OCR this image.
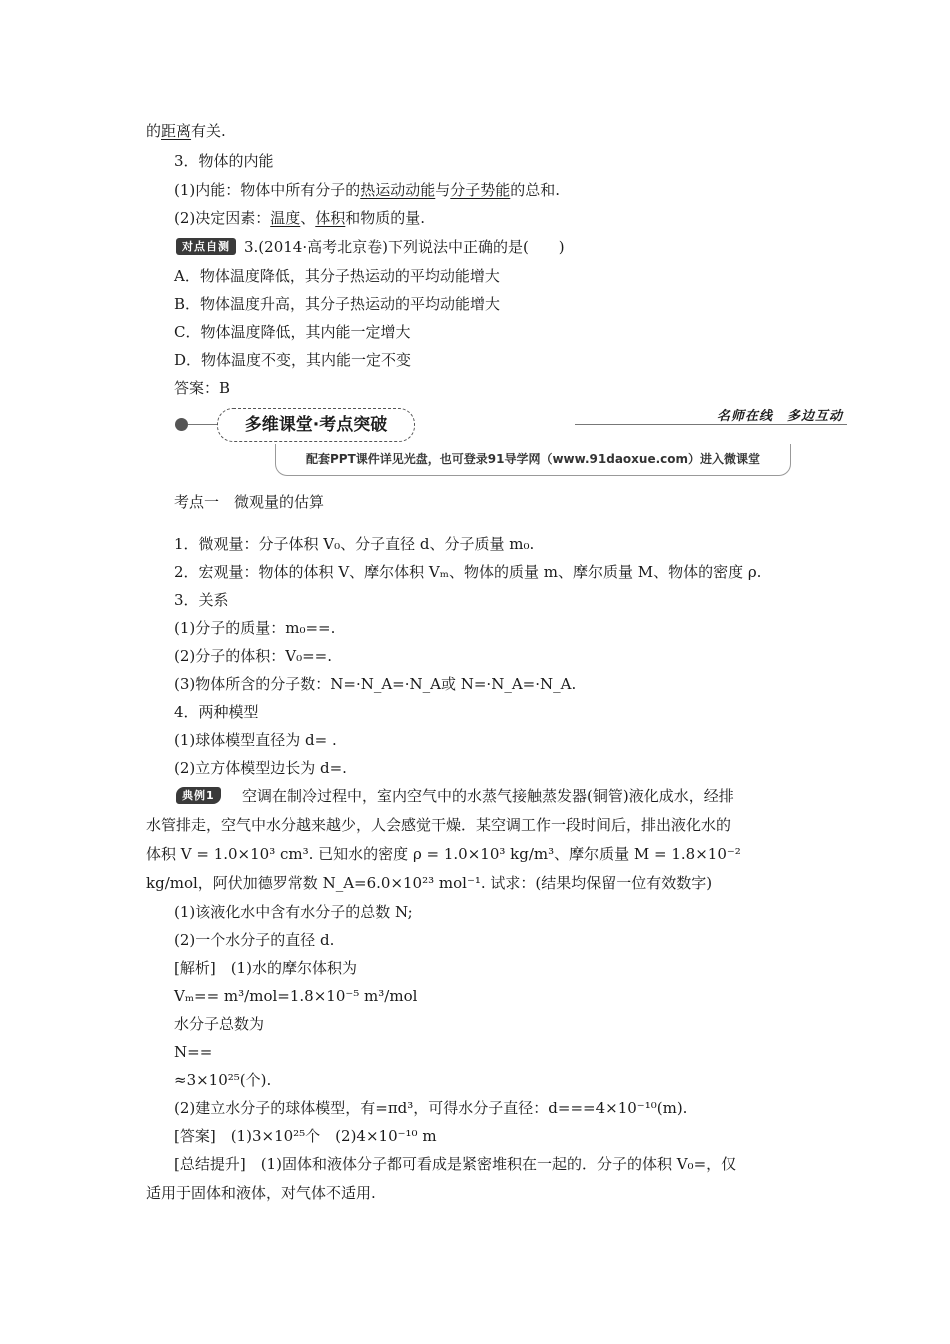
的距离有关.
3．物体的内能
(1)内能：物体中所有分子的热运动动能与分子势能的总和.
(2)决定因素：温度、体积和物质的量.
对点自测 3.(2014·高考北京卷)下列说法中正确的是(　　)
A．物体温度降低，其分子热运动的平均动能增大
B．物体温度升高，其分子热运动的平均动能增大
C．物体温度降低，其内能一定增大
D．物体温度不变，其内能一定不变
答案：B
多维课堂·考点突破	名师在线　多边互动
配套PPT课件详见光盘，也可登录91导学网（www.91daoxue.com）进入微课堂
考点一　微观量的估算
1．微观量：分子体积 V₀、分子直径 d、分子质量 m₀.
2．宏观量：物体的体积 V、摩尔体积 Vₘ、物体的质量 m、摩尔质量 M、物体的密度 ρ.
3．关系
(1)分子的质量：m₀==.
(2)分子的体积：V₀==.
(3)物体所含的分子数：N=·N_A=·N_A或 N=·N_A=·N_A.
4．两种模型
(1)球体模型直径为 d= .
(2)立方体模型边长为 d=.
典例1	空调在制冷过程中，室内空气中的水蒸气接触蒸发器(铜管)液化成水，经排
水管排走，空气中水分越来越少，人会感觉干燥．某空调工作一段时间后，排出液化水的
体积 V = 1.0×10³ cm³. 已知水的密度 ρ = 1.0×10³ kg/m³、摩尔质量 M = 1.8×10⁻²
kg/mol，阿伏加德罗常数 N_A=6.0×10²³ mol⁻¹. 试求：(结果均保留一位有效数字)
(1)该液化水中含有水分子的总数 N;
(2)一个水分子的直径 d.
[解析]　(1)水的摩尔体积为
Vₘ== m³/mol=1.8×10⁻⁵ m³/mol
水分子总数为
N==
≈3×10²⁵(个).
(2)建立水分子的球体模型，有=πd³，可得水分子直径：d===4×10⁻¹⁰(m).
[答案]　(1)3×10²⁵个　(2)4×10⁻¹⁰ m
[总结提升]　(1)固体和液体分子都可看成是紧密堆积在一起的．分子的体积 V₀=，仅
适用于固体和液体，对气体不适用.
